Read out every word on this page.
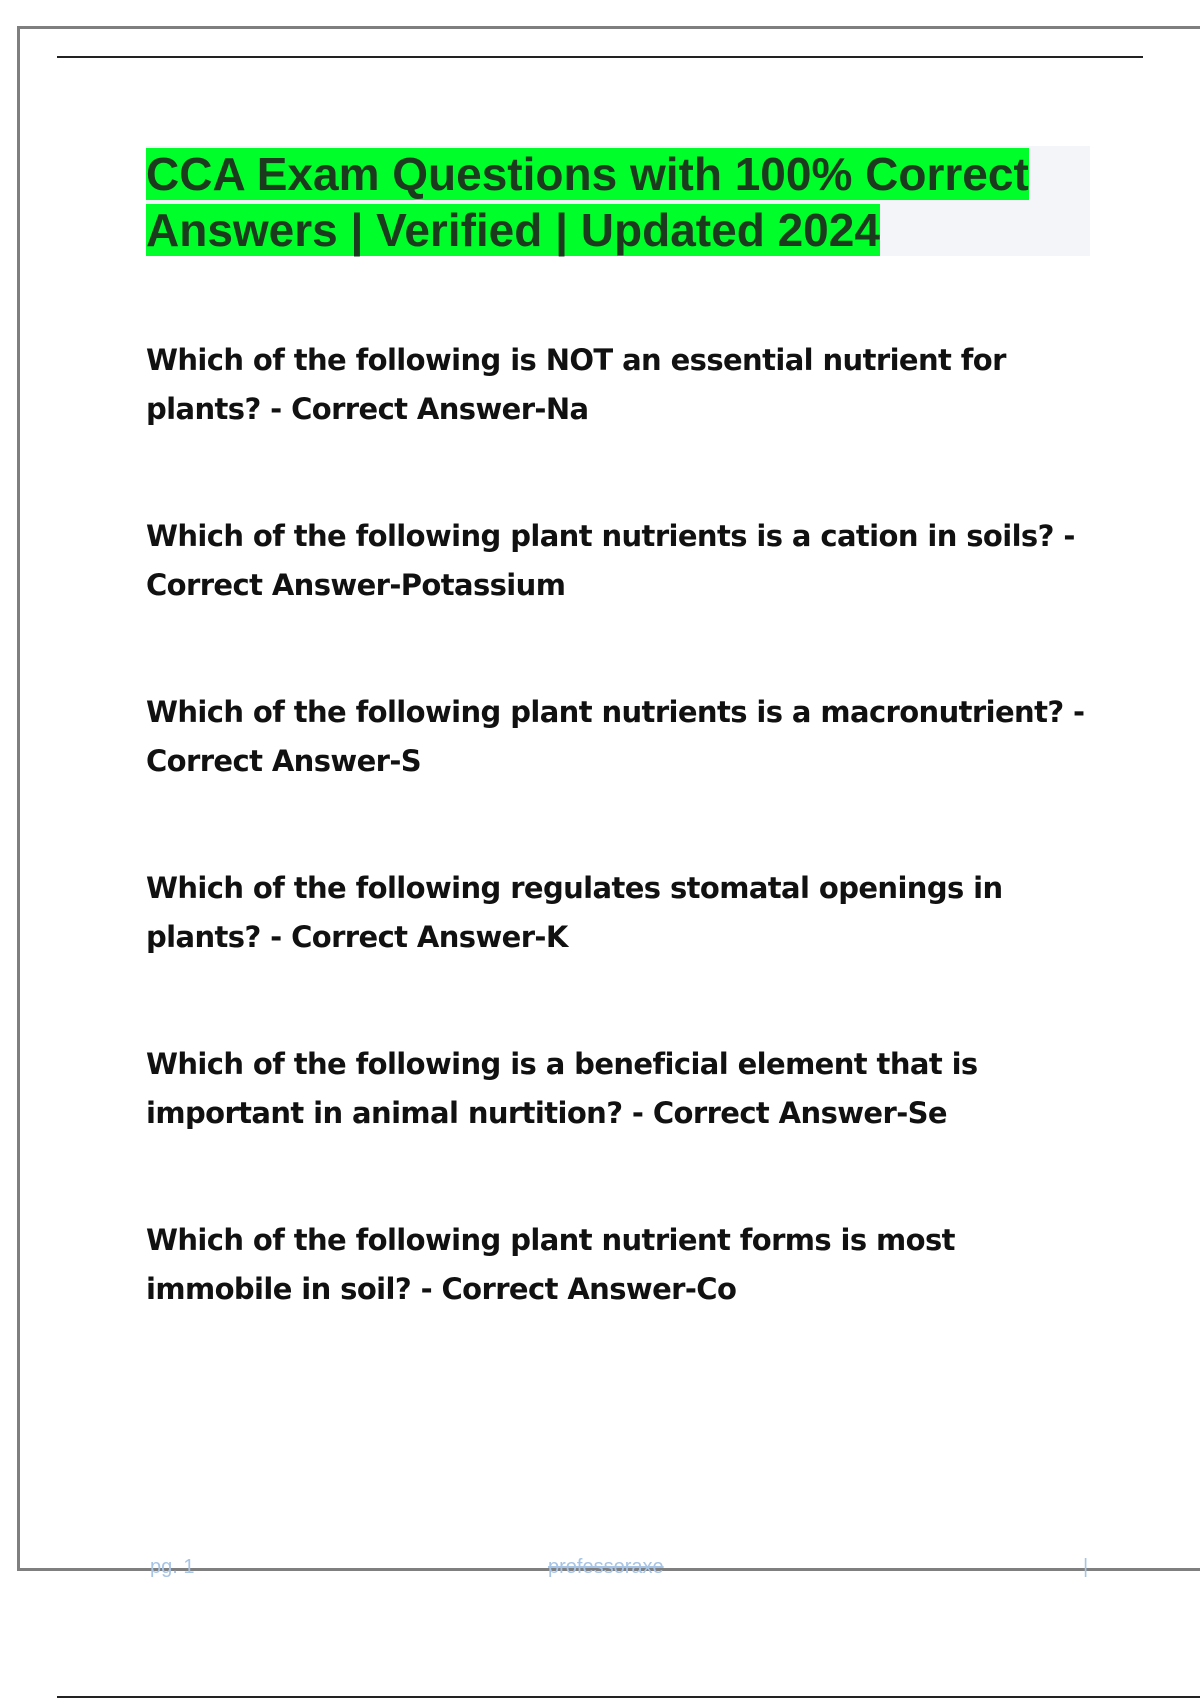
CCA Exam Questions with 100% Correct Answers | Verified | Updated 2024

Which of the following is NOT an essential nutrient for plants? - Correct Answer-Na

Which of the following plant nutrients is a cation in soils? - Correct Answer-Potassium

Which of the following plant nutrients is a macronutrient? - Correct Answer-S

Which of the following regulates stomatal openings in plants? - Correct Answer-K

Which of the following is a beneficial element that is important in animal nurtition? - Correct Answer-Se

Which of the following plant nutrient forms is most immobile in soil? - Correct Answer-Co

pg. 1	professoraxe	|
